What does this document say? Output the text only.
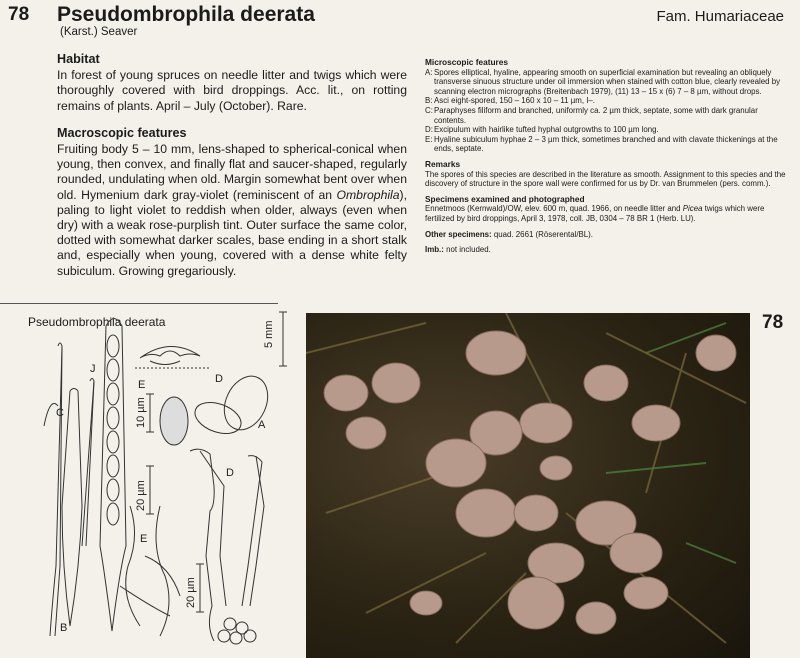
78 Pseudombrophila deerata
(Karst.) Seaver
Fam. Humariaceae
Habitat

In forest of young spruces on needle litter and twigs which were thoroughly covered with bird droppings. Acc. lit., on rotting remains of plants. April – July (October). Rare.

Macroscopic features

Fruiting body 5 – 10 mm, lens-shaped to spherical-conical when young, then convex, and finally flat and saucer-shaped, regularly rounded, undulating when old. Margin somewhat bent over when old. Hymenium dark gray-violet (reminiscent of an Ombrophila), paling to light violet to reddish when older, always (even when dry) with a weak rose-purplish tint. Outer surface the same color, dotted with somewhat darker scales, base ending in a short stalk and, especially when young, covered with a dense white felty subiculum. Growing gregariously.

Microscopic features
A: Spores elliptical, hyaline, appearing smooth on superficial examination but revealing an obliquely transverse sinuous structure under oil immersion when stained with cotton blue, clearly revealed by scanning electron micrographs (Breitenbach 1979), (11) 13 – 15 x (6) 7 – 8 µm, without drops.
B: Asci eight-spored, 150 – 160 x 10 – 11 µm, I–.
C: Paraphyses filiform and branched, uniformly ca. 2 µm thick, septate, some with dark granular contents.
D: Excipulum with hairlike tufted hyphal outgrowths to 100 µm long.
E: Hyaline subiculum hyphae 2 – 3 µm thick, sometimes branched and with clavate thickenings at the ends, septate.
Remarks

The spores of this species are described in the literature as smooth. Assignment to this species and the discovery of structure in the spore wall were confirmed for us by Dr. van Brummelen (pers. comm.).

Specimens examined and photographed

Ennetmoos (Kernwald)/OW, elev. 600 m, quad. 1966, on needle litter and Picea twigs which were fertilized by bird droppings, April 3, 1978, coll. JB, 0304 – 78 BR 1 (Herb. LU).

Other specimens: quad. 2661 (Röserental/BL).

Imb.: not included.

Pseudombrophila deerata	5 mm
10 µm
20 µm
20 µm
J
C
B
E	D
A
D
E
78
